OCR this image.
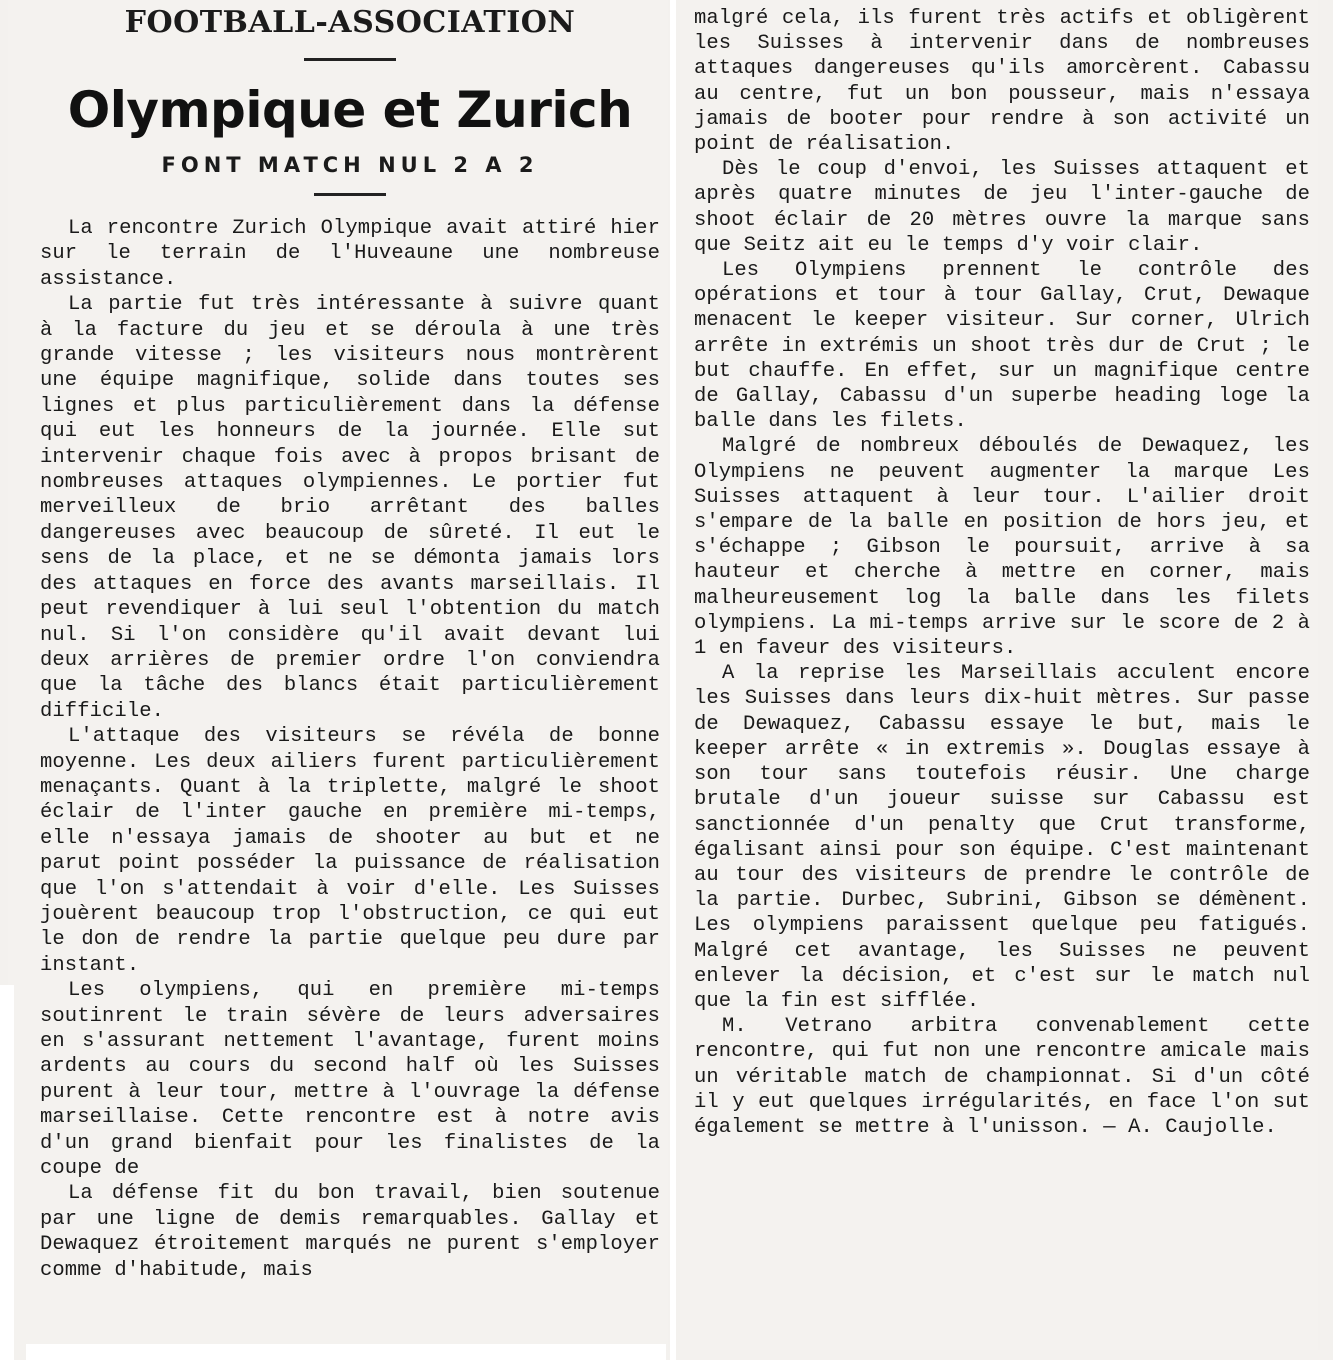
FOOTBALL-ASSOCIATION
Olympique et Zurich
FONT MATCH NUL 2 A 2

La rencontre Zurich Olympique avait attiré hier sur le terrain de l'Huveaune une nombreuse assistance.

La partie fut très intéressante à suivre quant à la facture du jeu et se déroula à une très grande vitesse ; les visiteurs nous montrèrent une équipe magnifique, solide dans toutes ses lignes et plus particulièrement dans la défense qui eut les honneurs de la journée. Elle sut intervenir chaque fois avec à propos brisant de nombreuses attaques olympiennes. Le portier fut merveilleux de brio arrêtant des balles dangereuses avec beaucoup de sûreté. Il eut le sens de la place, et ne se démonta jamais lors des attaques en force des avants marseillais. Il peut revendiquer à lui seul l'obtention du match nul. Si l'on considère qu'il avait devant lui deux arrières de premier ordre l'on conviendra que la tâche des blancs était particulièrement difficile.

L'attaque des visiteurs se révéla de bonne moyenne. Les deux ailiers furent particulièrement menaçants. Quant à la triplette, malgré le shoot éclair de l'inter gauche en première mi-temps, elle n'essaya jamais de shooter au but et ne parut point posséder la puissance de réalisation que l'on s'attendait à voir d'elle. Les Suisses jouèrent beaucoup trop l'obstruction, ce qui eut le don de rendre la partie quelque peu dure par instant.

Les olympiens, qui en première mi-temps soutinrent le train sévère de leurs adversaires en s'assurant nettement l'avantage, furent moins ardents au cours du second half où les Suisses purent à leur tour, mettre à l'ouvrage la défense marseillaise. Cette rencontre est à notre avis d'un grand bienfait pour les finalistes de la coupe de

La défense fit du bon travail, bien soutenue par une ligne de demis remarquables. Gallay et Dewaquez étroitement marqués ne purent s'employer comme d'habitude, mais

malgré cela, ils furent très actifs et obligèrent les Suisses à intervenir dans de nombreuses attaques dangereuses qu'ils amorcèrent. Cabassu au centre, fut un bon pousseur, mais n'essaya jamais de booter pour rendre à son activité un point de réalisation.

Dès le coup d'envoi, les Suisses attaquent et après quatre minutes de jeu l'inter-gauche de shoot éclair de 20 mètres ouvre la marque sans que Seitz ait eu le temps d'y voir clair.

Les Olympiens prennent le contrôle des opérations et tour à tour Gallay, Crut, Dewaque menacent le keeper visiteur. Sur corner, Ulrich arrête in extrémis un shoot très dur de Crut ; le but chauffe. En effet, sur un magnifique centre de Gallay, Cabassu d'un superbe heading loge la balle dans les filets.

Malgré de nombreux déboulés de Dewaquez, les Olympiens ne peuvent augmenter la marque Les Suisses attaquent à leur tour. L'ailier droit s'empare de la balle en position de hors jeu, et s'échappe ; Gibson le poursuit, arrive à sa hauteur et cherche à mettre en corner, mais malheureusement log la balle dans les filets olympiens. La mi-temps arrive sur le score de 2 à 1 en faveur des visiteurs.

A la reprise les Marseillais acculent encore les Suisses dans leurs dix-huit mètres. Sur passe de Dewaquez, Cabassu essaye le but, mais le keeper arrête « in extremis ». Douglas essaye à son tour sans toutefois réusir. Une charge brutale d'un joueur suisse sur Cabassu est sanctionnée d'un penalty que Crut transforme, égalisant ainsi pour son équipe. C'est maintenant au tour des visiteurs de prendre le contrôle de la partie. Durbec, Subrini, Gibson se démènent. Les olympiens paraissent quelque peu fatigués. Malgré cet avantage, les Suisses ne peuvent enlever la décision, et c'est sur le match nul que la fin est sifflée.

M. Vetrano arbitra convenablement cette rencontre, qui fut non une rencontre amicale mais un véritable match de championnat. Si d'un côté il y eut quelques irrégularités, en face l'on sut également se mettre à l'unisson. — A. Caujolle.
